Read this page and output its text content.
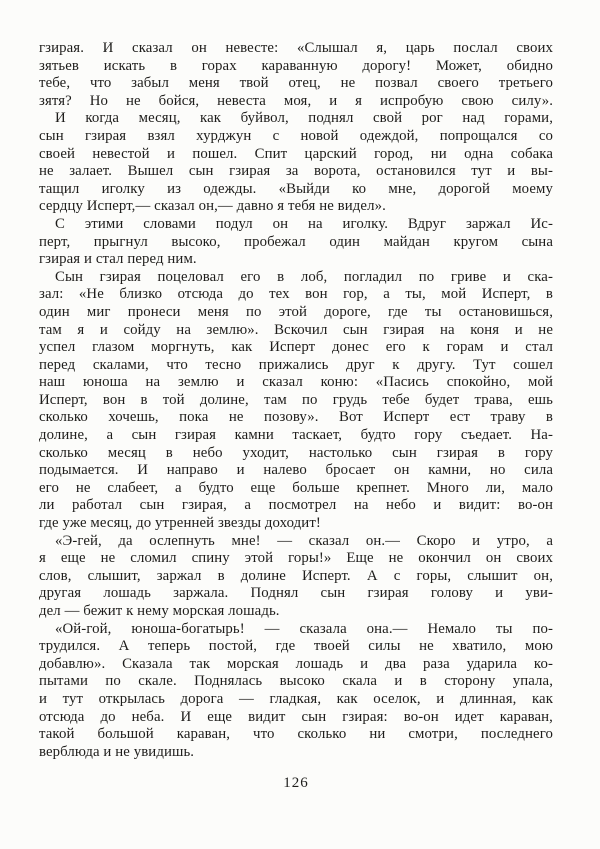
гзирая. И сказал он невесте: «Слышал я, царь послал своих
зятьев искать в горах караванную дорогу! Может, обидно
тебе, что забыл меня твой отец, не позвал своего третьего
зятя? Но не бойся, невеста моя, и я испробую свою силу».

И когда месяц, как буйвол, поднял свой рог над горами,
сын гзирая взял хурджун с новой одеждой, попрощался со
своей невестой и пошел. Спит царский город, ни одна собака
не залает. Вышел сын гзирая за ворота, остановился тут и вы-
тащил иголку из одежды. «Выйди ко мне, дорогой моему
сердцу Исперт,— сказал он,— давно я тебя не видел».

С этими словами подул он на иголку. Вдруг заржал Ис-
перт, прыгнул высоко, пробежал один майдан кругом сына
гзирая и стал перед ним.

Сын гзирая поцеловал его в лоб, погладил по гриве и ска-
зал: «Не близко отсюда до тех вон гор, а ты, мой Исперт, в
один миг пронеси меня по этой дороге, где ты остановишься,
там я и сойду на землю». Вскочил сын гзирая на коня и не
успел глазом моргнуть, как Исперт донес его к горам и стал
перед скалами, что тесно прижались друг к другу. Тут сошел
наш юноша на землю и сказал коню: «Пасись спокойно, мой
Исперт, вон в той долине, там по грудь тебе будет трава, ешь
сколько хочешь, пока не позову». Вот Исперт ест траву в
долине, а сын гзирая камни таскает, будто гору съедает. На-
сколько месяц в небо уходит, настолько сын гзирая в гору
подымается. И направо и налево бросает он камни, но сила
его не слабеет, а будто еще больше крепнет. Много ли, мало
ли работал сын гзирая, а посмотрел на небо и видит: во-он
где уже месяц, до утренней звезды доходит!

«Э-гей, да ослепнуть мне! — сказал он.— Скоро и утро, а
я еще не сломил спину этой горы!» Еще не окончил он своих
слов, слышит, заржал в долине Исперт. А с горы, слышит он,
другая лошадь заржала. Поднял сын гзирая голову и уви-
дел — бежит к нему морская лошадь.

«Ой-гой, юноша-богатырь! — сказала она.— Немало ты по-
трудился. А теперь постой, где твоей силы не хватило, мою
добавлю». Сказала так морская лошадь и два раза ударила ко-
пытами по скале. Поднялась высоко скала и в сторону упала,
и тут открылась дорога — гладкая, как оселок, и длинная, как
отсюда до неба. И еще видит сын гзирая: во-он идет караван,
такой большой караван, что сколько ни смотри, последнего
верблюда и не увидишь.

126
